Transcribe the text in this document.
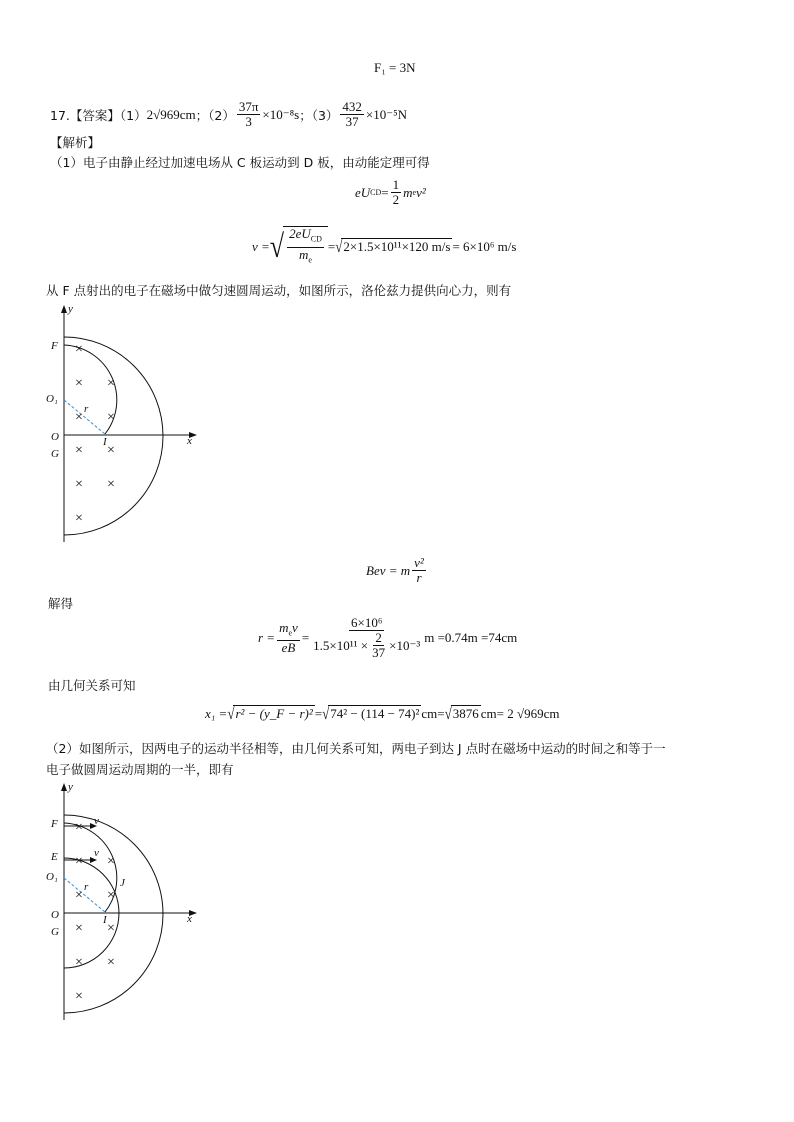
F₁ = 3N
17.【答案】（1） 2√969cm ；$(2) \frac{37\pi}{3} \times 10^{-8}s$ ；$(3) \frac{432}{37} \times 10^{-5}N$
【解析】
（1）电子由静止经过加速电场从 C 板运动到 D 板，由动能定理可得
eU CD = $\frac{1}{2}$ m e v²
v = √ $\frac{2eU_{CD}}{m_e}$ = √ 2×1.5×10¹¹×120 m/s = 6×10⁶ m/s
从 F 点射出的电子在磁场中做匀速圆周运动，如图所示，洛伦兹力提供向心力，则有
×
× ×
× ×
× ×
× ×
×
y
x
F
O₁
O
G
r
I
Bev = m $\frac{\text{v²}}{r}$
解得
$r = \frac{m_ev}{eB} = \frac{\text{6×10⁶}}{1.5\times 10^{11} \times \frac{2}{37} \times 10^{-3}}$ m =0.74m =74cm
由几何关系可知
x₁ = √ r² − (y_F − r)² = √ 74² − (114 − 74)² cm= √ 3876 cm= 2 √969cm
（2）如图所示，因两电子的运动半径相等，由几何关系可知，两电子到达 J 点时在磁场中运动的时间之和等于一
电子做圆周运动周期的一半，即有
×
× ×
× ×
× ×
× ×
×
y
x
F
E
O₁
O
G
r
I
J
v
v
